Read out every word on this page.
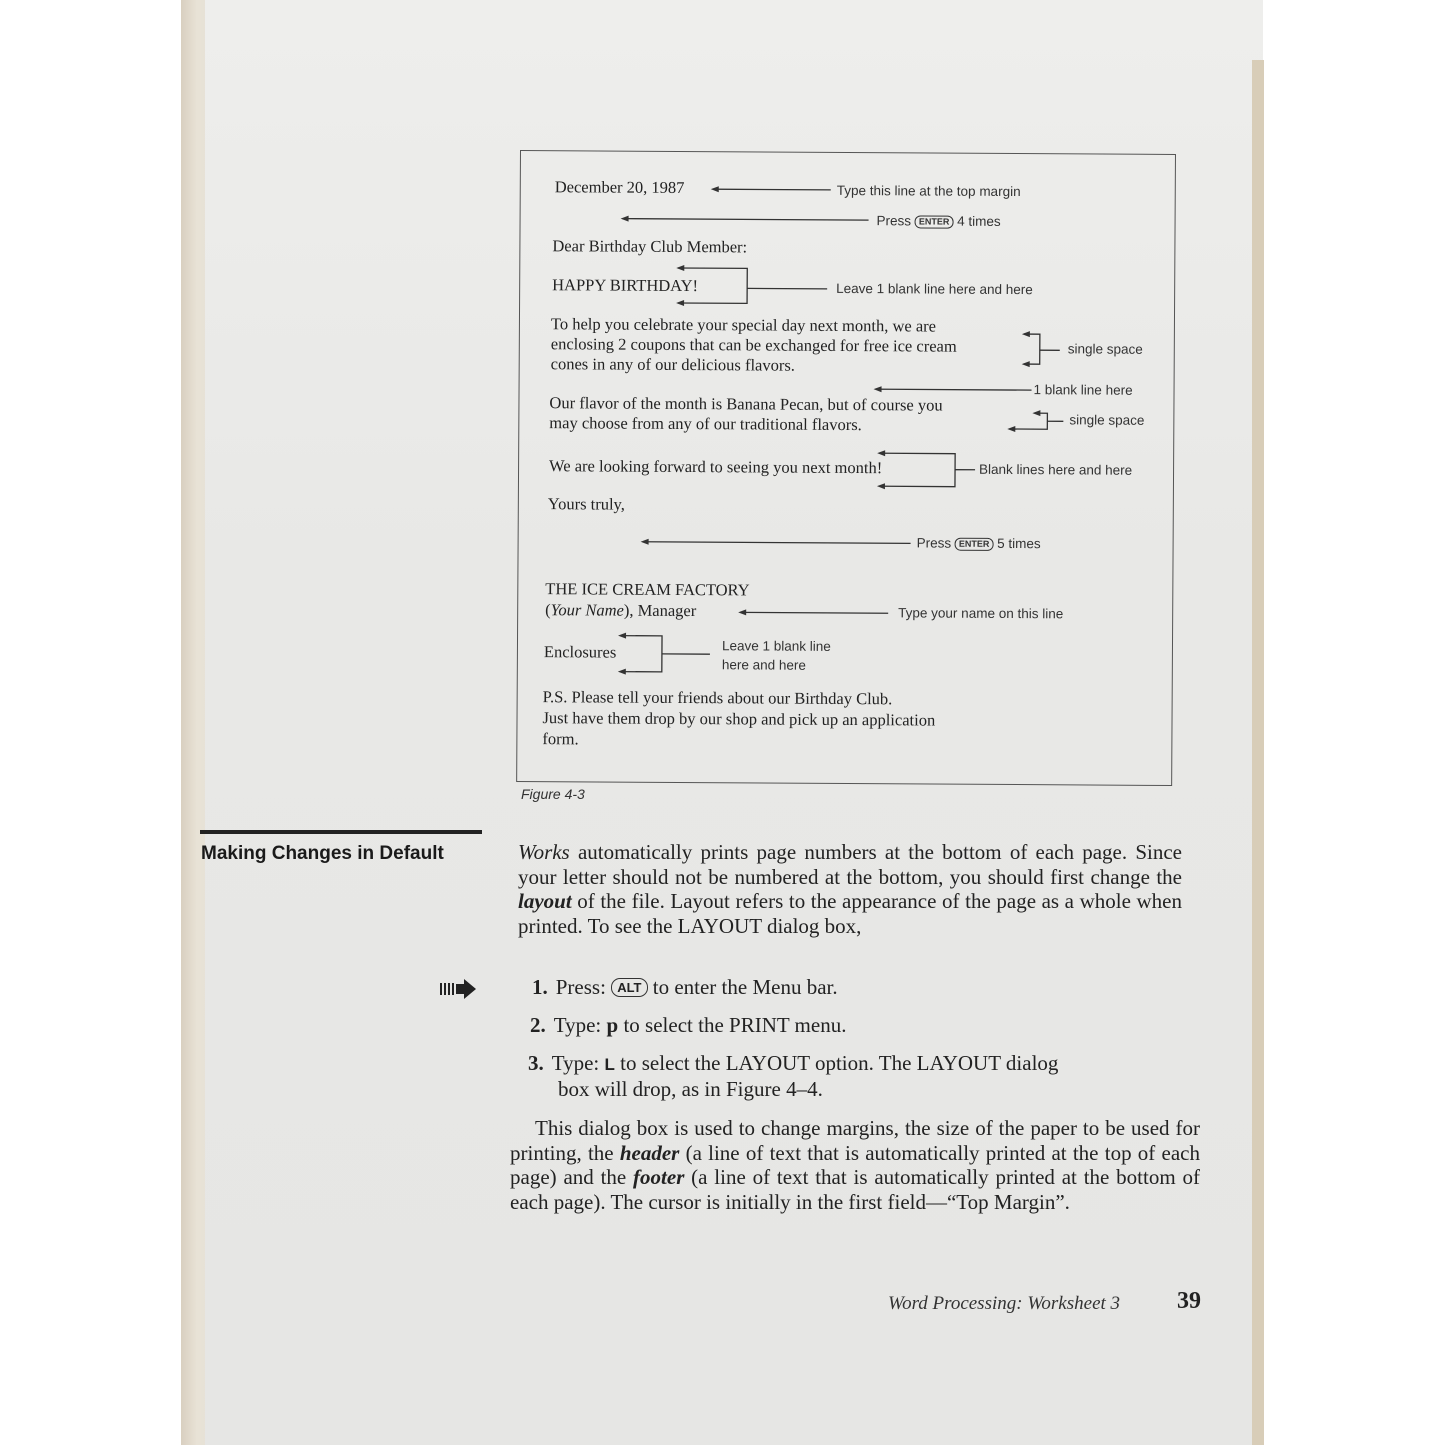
December 20, 1987	Type this line at the top margin
Press ENTER 4 times
Dear Birthday Club Member:
HAPPY BIRTHDAY!	Leave 1 blank line here and here
To help you celebrate your special day next month, we are
enclosing 2 coupons that can be exchanged for free ice cream
cones in any of our delicious flavors.
single space
1 blank line here
Our flavor of the month is Banana Pecan, but of course you
may choose from any of our traditional flavors.	single space
We are looking forward to seeing you next month!	Blank lines here and here
Yours truly,
Press ENTER 5 times
THE ICE CREAM FACTORY
(Your Name), Manager	Type your name on this line
Enclosures	Leave 1 blank line
here and here
P.S. Please tell your friends about our Birthday Club.
Just have them drop by our shop and pick up an application
form.
Figure 4-3
Making Changes in Default	Works automatically prints page numbers at the bottom of each page. Since your letter should not be numbered at the bottom, you should first change the layout of the file. Layout refers to the appearance of the page as a whole when printed. To see the LAYOUT dialog box,
1. Press: ALT to enter the Menu bar.
2. Type: p to select the PRINT menu.
3. Type: L to select the LAYOUT option. The LAYOUT dialog
box will drop, as in Figure 4–4.
This dialog box is used to change margins, the size of the paper to be used for printing, the header (a line of text that is automatically printed at the top of each page) and the footer (a line of text that is automatically printed at the bottom of each page). The cursor is initially in the first field—“Top Margin”.
Word Processing: Worksheet 3 39
